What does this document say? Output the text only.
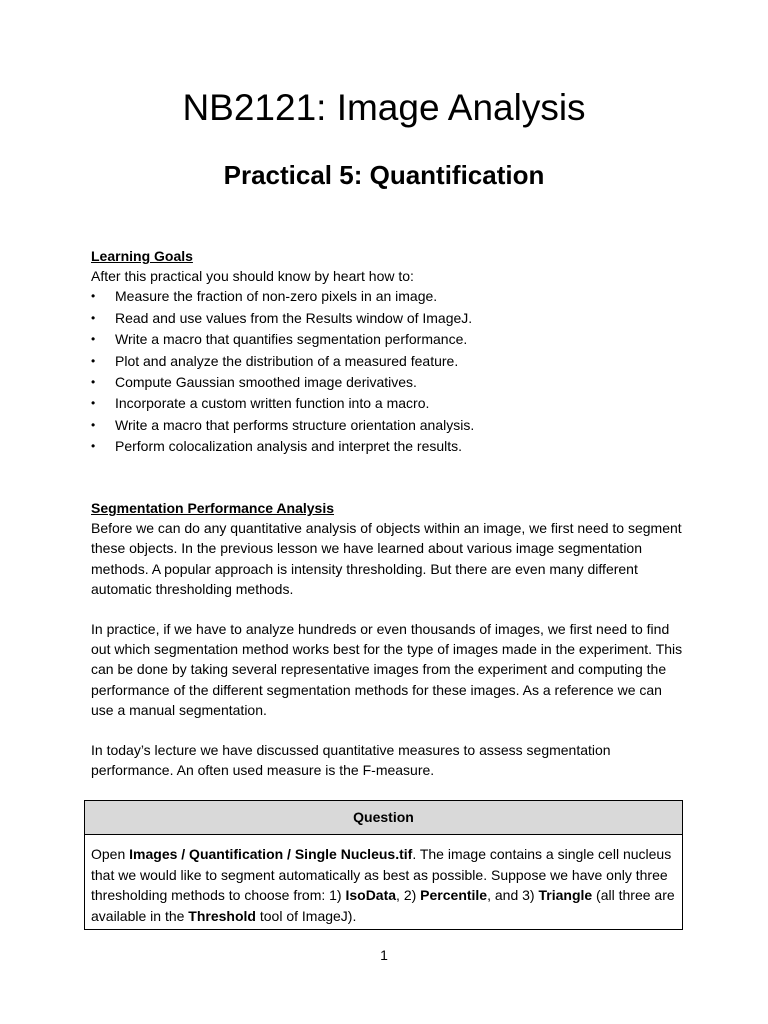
NB2121: Image Analysis
Practical 5: Quantification

Learning Goals

After this practical you should know by heart how to:

• Measure the fraction of non-zero pixels in an image.
• Read and use values from the Results window of ImageJ.
• Write a macro that quantifies segmentation performance.
• Plot and analyze the distribution of a measured feature.
• Compute Gaussian smoothed image derivatives.
• Incorporate a custom written function into a macro.
• Write a macro that performs structure orientation analysis.
• Perform colocalization analysis and interpret the results.

Segmentation Performance Analysis

Before we can do any quantitative analysis of objects within an image, we first need to segment these objects. In the previous lesson we have learned about various image segmentation methods. A popular approach is intensity thresholding. But there are even many different automatic thresholding methods.

In practice, if we have to analyze hundreds or even thousands of images, we first need to find out which segmentation method works best for the type of images made in the experiment. This can be done by taking several representative images from the experiment and computing the performance of the different segmentation methods for these images. As a reference we can use a manual segmentation.

In today’s lecture we have discussed quantitative measures to assess segmentation performance. An often used measure is the F-measure.

Question
Open Images / Quantification / Single Nucleus.tif. The image contains a single cell nucleus that we would like to segment automatically as best as possible. Suppose we have only three thresholding methods to choose from: 1) IsoData, 2) Percentile, and 3) Triangle (all three are available in the Threshold tool of ImageJ).
1
